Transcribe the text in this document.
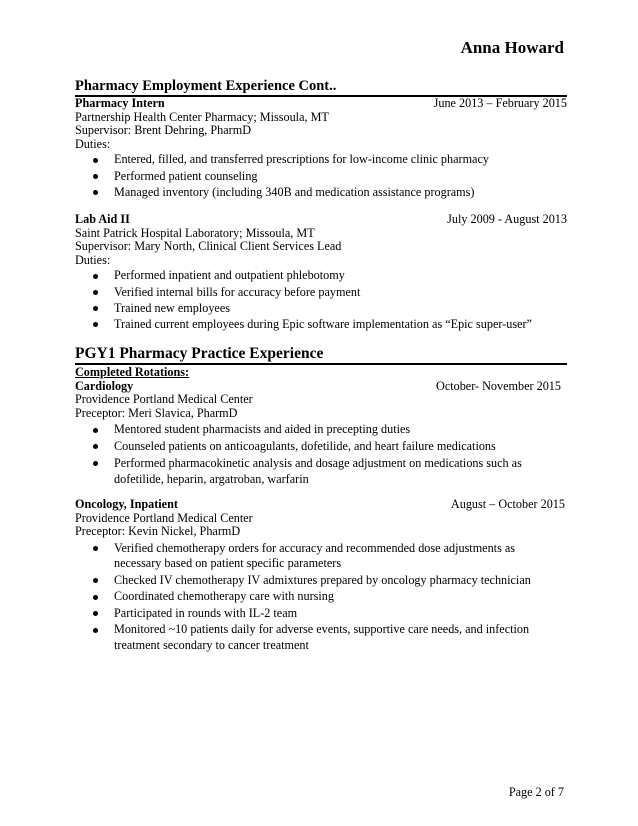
Anna Howard
Pharmacy Employment Experience Cont..
Pharmacy Intern	June 2013 – February 2015
Partnership Health Center Pharmacy; Missoula, MT
Supervisor: Brent Dehring, PharmD
Duties:
Entered, filled, and transferred prescriptions for low-income clinic pharmacy
Performed patient counseling
Managed inventory (including 340B and medication assistance programs)
Lab Aid II	July 2009 - August 2013
Saint Patrick Hospital Laboratory; Missoula, MT
Supervisor: Mary North, Clinical Client Services Lead
Duties:
Performed inpatient and outpatient phlebotomy
Verified internal bills for accuracy before payment
Trained new employees
Trained current employees during Epic software implementation as “Epic super-user”
PGY1 Pharmacy Practice Experience
Completed Rotations:
Cardiology	October- November 2015
Providence Portland Medical Center
Preceptor: Meri Slavica, PharmD
Mentored student pharmacists and aided in precepting duties
Counseled patients on anticoagulants, dofetilide, and heart failure medications
Performed pharmacokinetic analysis and dosage adjustment on medications such as
dofetilide, heparin, argatroban, warfarin
Oncology, Inpatient	August – October 2015
Providence Portland Medical Center
Preceptor: Kevin Nickel, PharmD
Verified chemotherapy orders for accuracy and recommended dose adjustments as
necessary based on patient specific parameters
Checked IV chemotherapy IV admixtures prepared by oncology pharmacy technician
Coordinated chemotherapy care with nursing
Participated in rounds with IL-2 team
Monitored ~10 patients daily for adverse events, supportive care needs, and infection
treatment secondary to cancer treatment
Page 2 of 7
